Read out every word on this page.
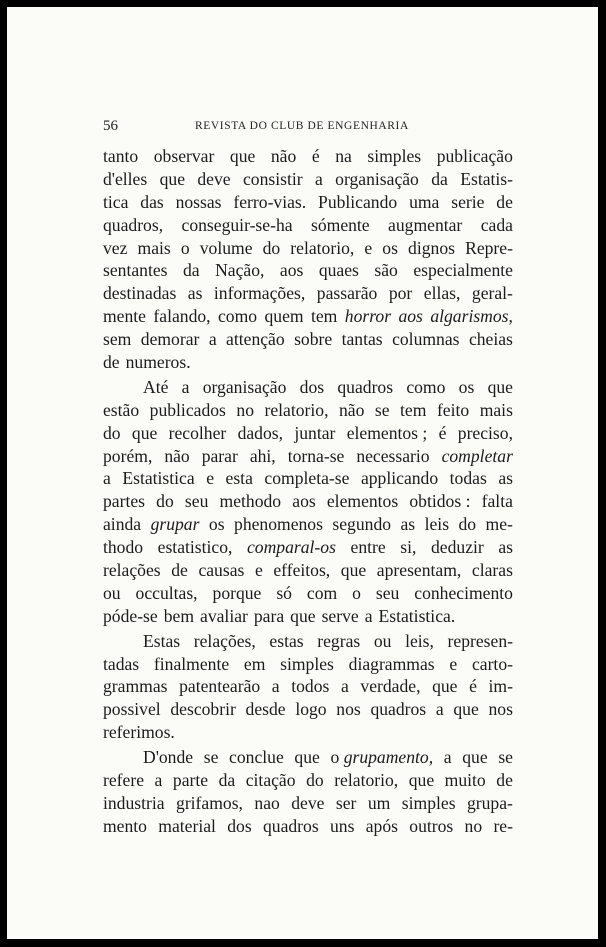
56	REVISTA DO CLUB DE ENGENHARIA
tanto observar que não é na simples publicação
d'elles que deve consistir a organisação da Estatis-
tica das nossas ferro-vias. Publicando uma serie de
quadros, conseguir-se-ha sómente augmentar cada
vez mais o volume do relatorio, e os dignos Repre-
sentantes da Nação, aos quaes são especialmente
destinadas as informações, passarão por ellas, geral-
mente falando, como quem tem horror aos algarismos,
sem demorar a attenção sobre tantas columnas cheias
de numeros.
Até a organisação dos quadros como os que
estão publicados no relatorio, não se tem feito mais
do que recolher dados, juntar elementos ; é preciso,
porém, não parar ahi, torna-se necessario completar
a Estatistica e esta completa-se applicando todas as
partes do seu methodo aos elementos obtidos : falta
ainda grupar os phenomenos segundo as leis do me-
thodo estatistico, comparal-os entre si, deduzir as
relações de causas e effeitos, que apresentam, claras
ou occultas, porque só com o seu conhecimento
póde-se bem avaliar para que serve a Estatistica.
Estas relações, estas regras ou leis, represen-
tadas finalmente em simples diagrammas e carto-
grammas patentearão a todos a verdade, que é im-
possivel descobrir desde logo nos quadros a que nos
referimos.
D'onde se conclue que o grupamento, a que se
refere a parte da citação do relatorio, que muito de
industria grifamos, nao deve ser um simples grupa-
mento material dos quadros uns após outros no re-
